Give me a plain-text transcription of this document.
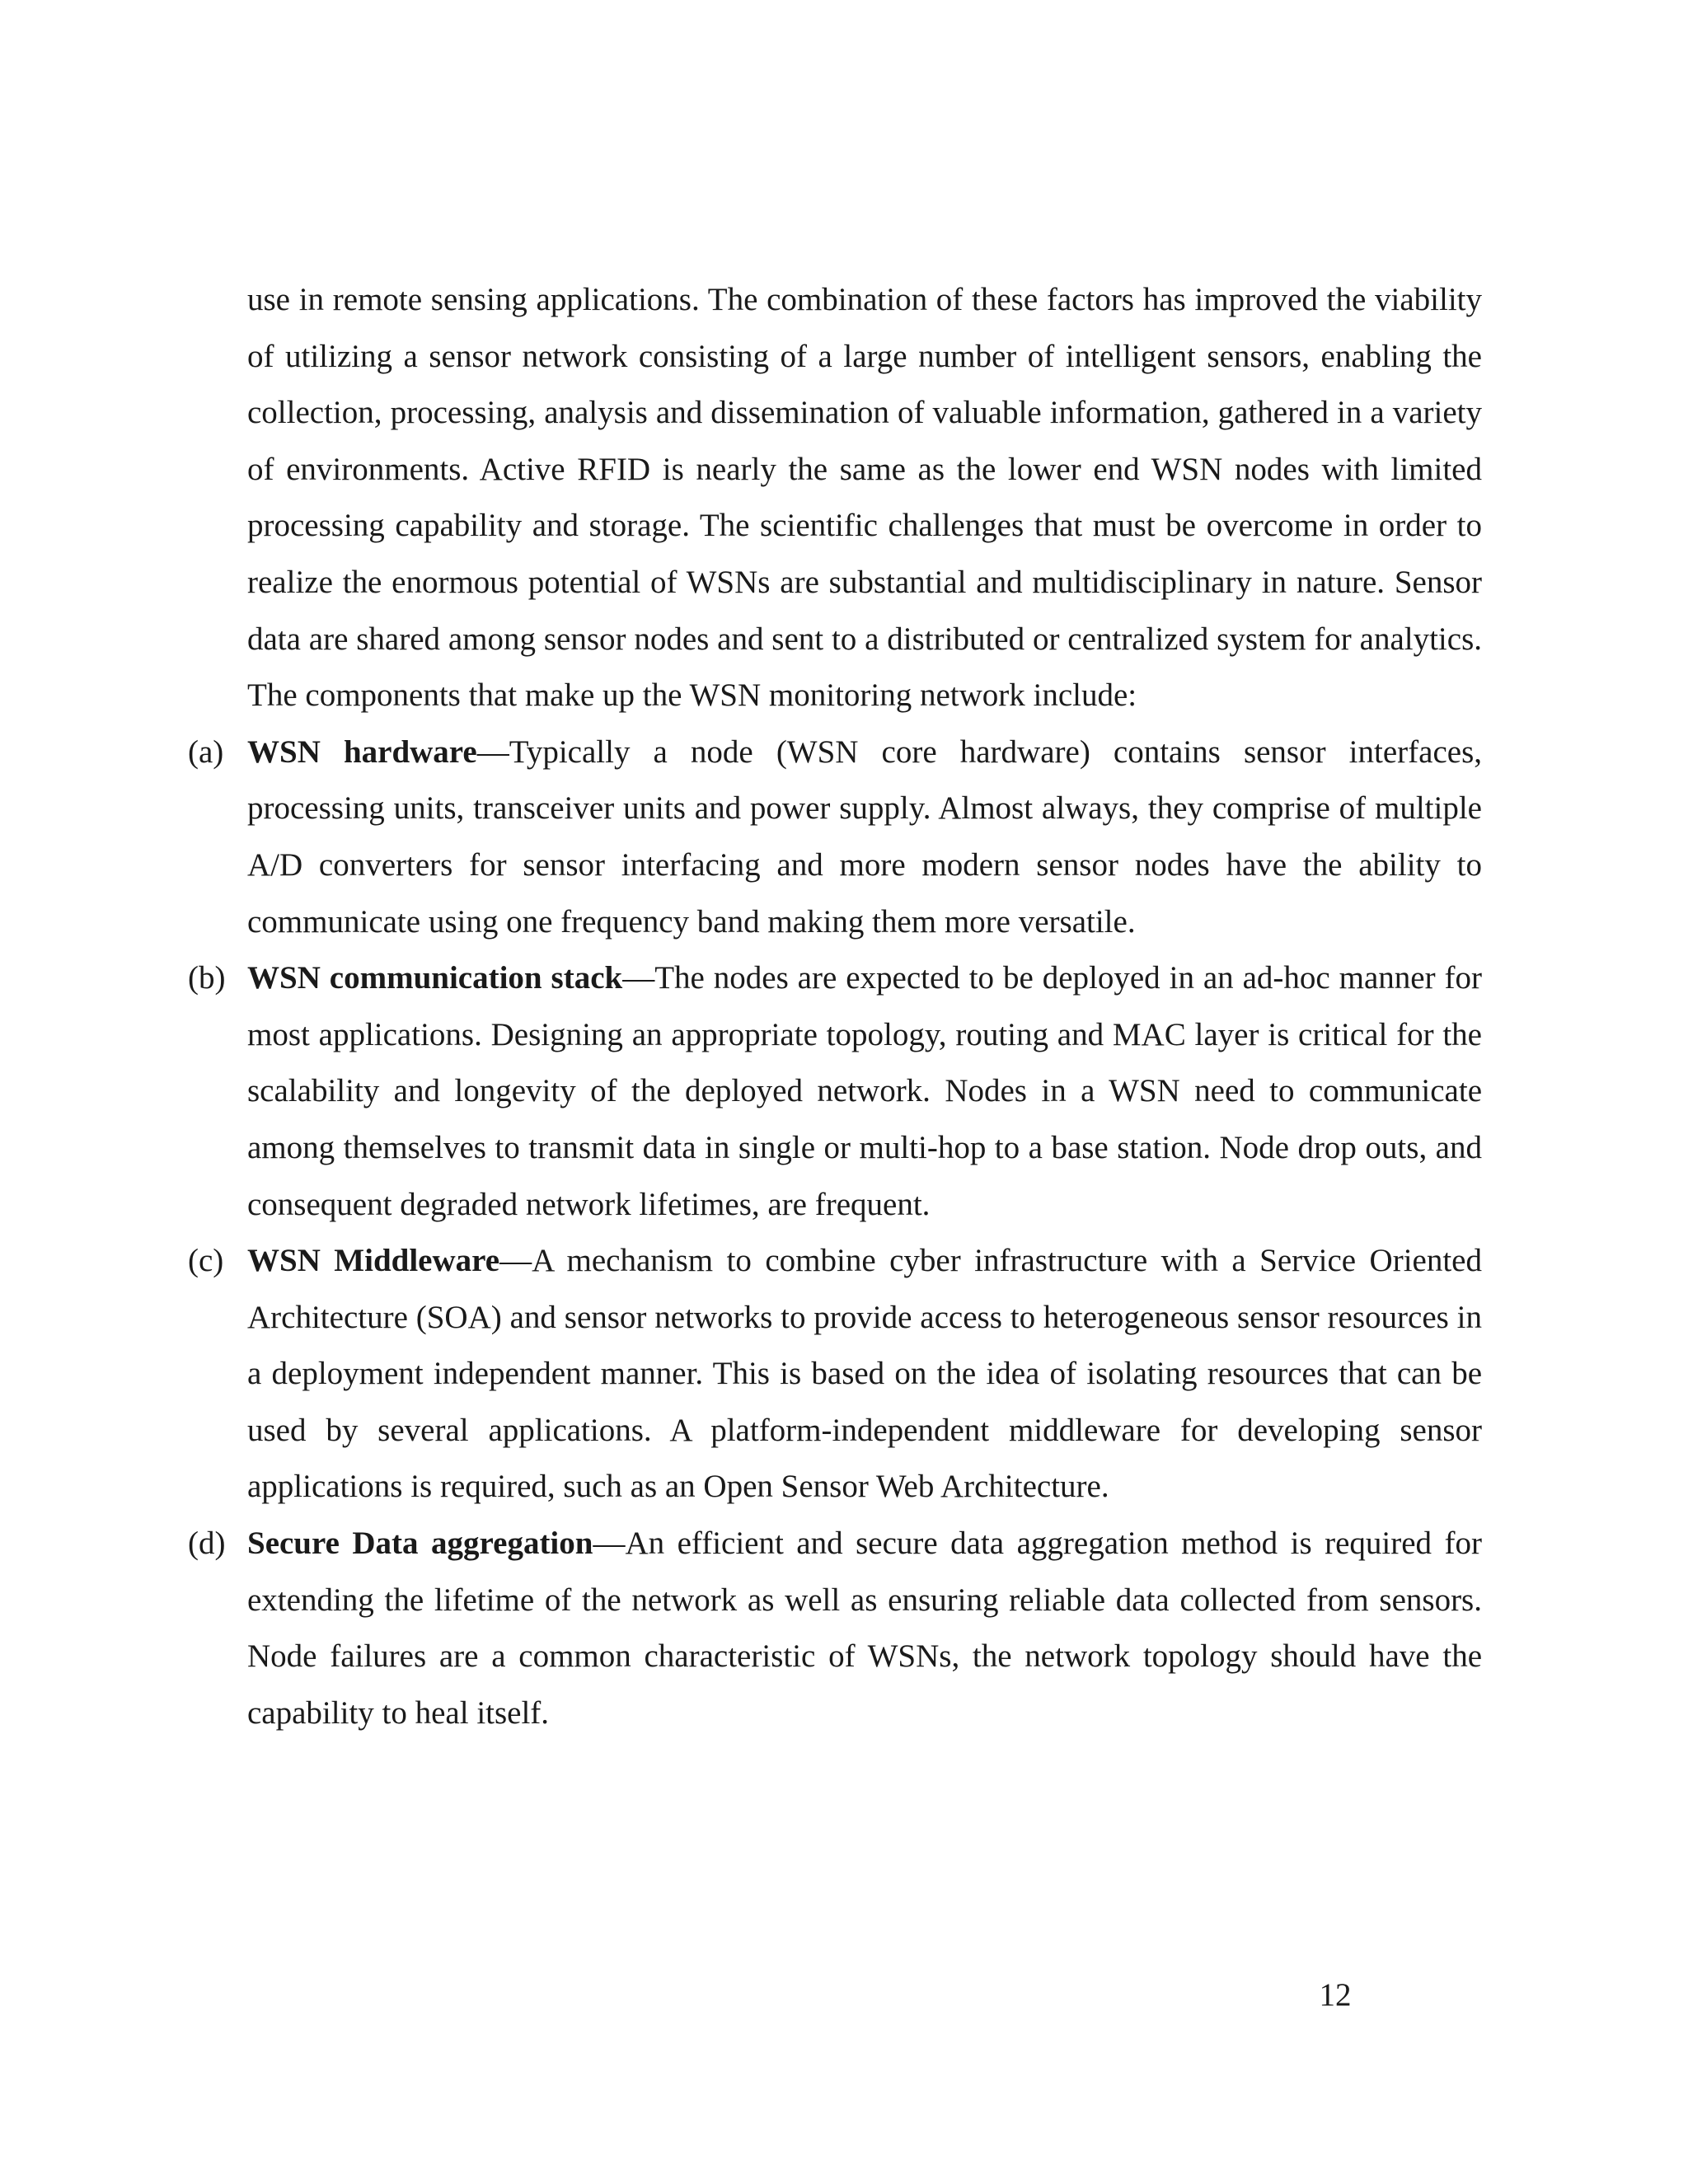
use in remote sensing applications. The combination of these factors has improved the viability of utilizing a sensor network consisting of a large number of intelligent sensors, enabling the collection, processing, analysis and dissemination of valuable information, gathered in a variety of environments. Active RFID is nearly the same as the lower end WSN nodes with limited processing capability and storage. The scientific challenges that must be overcome in order to realize the enormous potential of WSNs are substantial and multidisciplinary in nature. Sensor data are shared among sensor nodes and sent to a distributed or centralized system for analytics. The components that make up the WSN monitoring network include:

(a) WSN hardware—Typically a node (WSN core hardware) contains sensor interfaces, processing units, transceiver units and power supply. Almost always, they comprise of multiple A/D converters for sensor interfacing and more modern sensor nodes have the ability to communicate using one frequency band making them more versatile.

(b) WSN communication stack—The nodes are expected to be deployed in an ad-hoc manner for most applications. Designing an appropriate topology, routing and MAC layer is critical for the scalability and longevity of the deployed network. Nodes in a WSN need to communicate among themselves to transmit data in single or multi-hop to a base station. Node drop outs, and consequent degraded network lifetimes, are frequent.

(c) WSN Middleware—A mechanism to combine cyber infrastructure with a Service Oriented Architecture (SOA) and sensor networks to provide access to heterogeneous sensor resources in a deployment independent manner. This is based on the idea of isolating resources that can be used by several applications. A platform-independent middleware for developing sensor applications is required, such as an Open Sensor Web Architecture.

(d) Secure Data aggregation—An efficient and secure data aggregation method is required for extending the lifetime of the network as well as ensuring reliable data collected from sensors. Node failures are a common characteristic of WSNs, the network topology should have the capability to heal itself.

12
